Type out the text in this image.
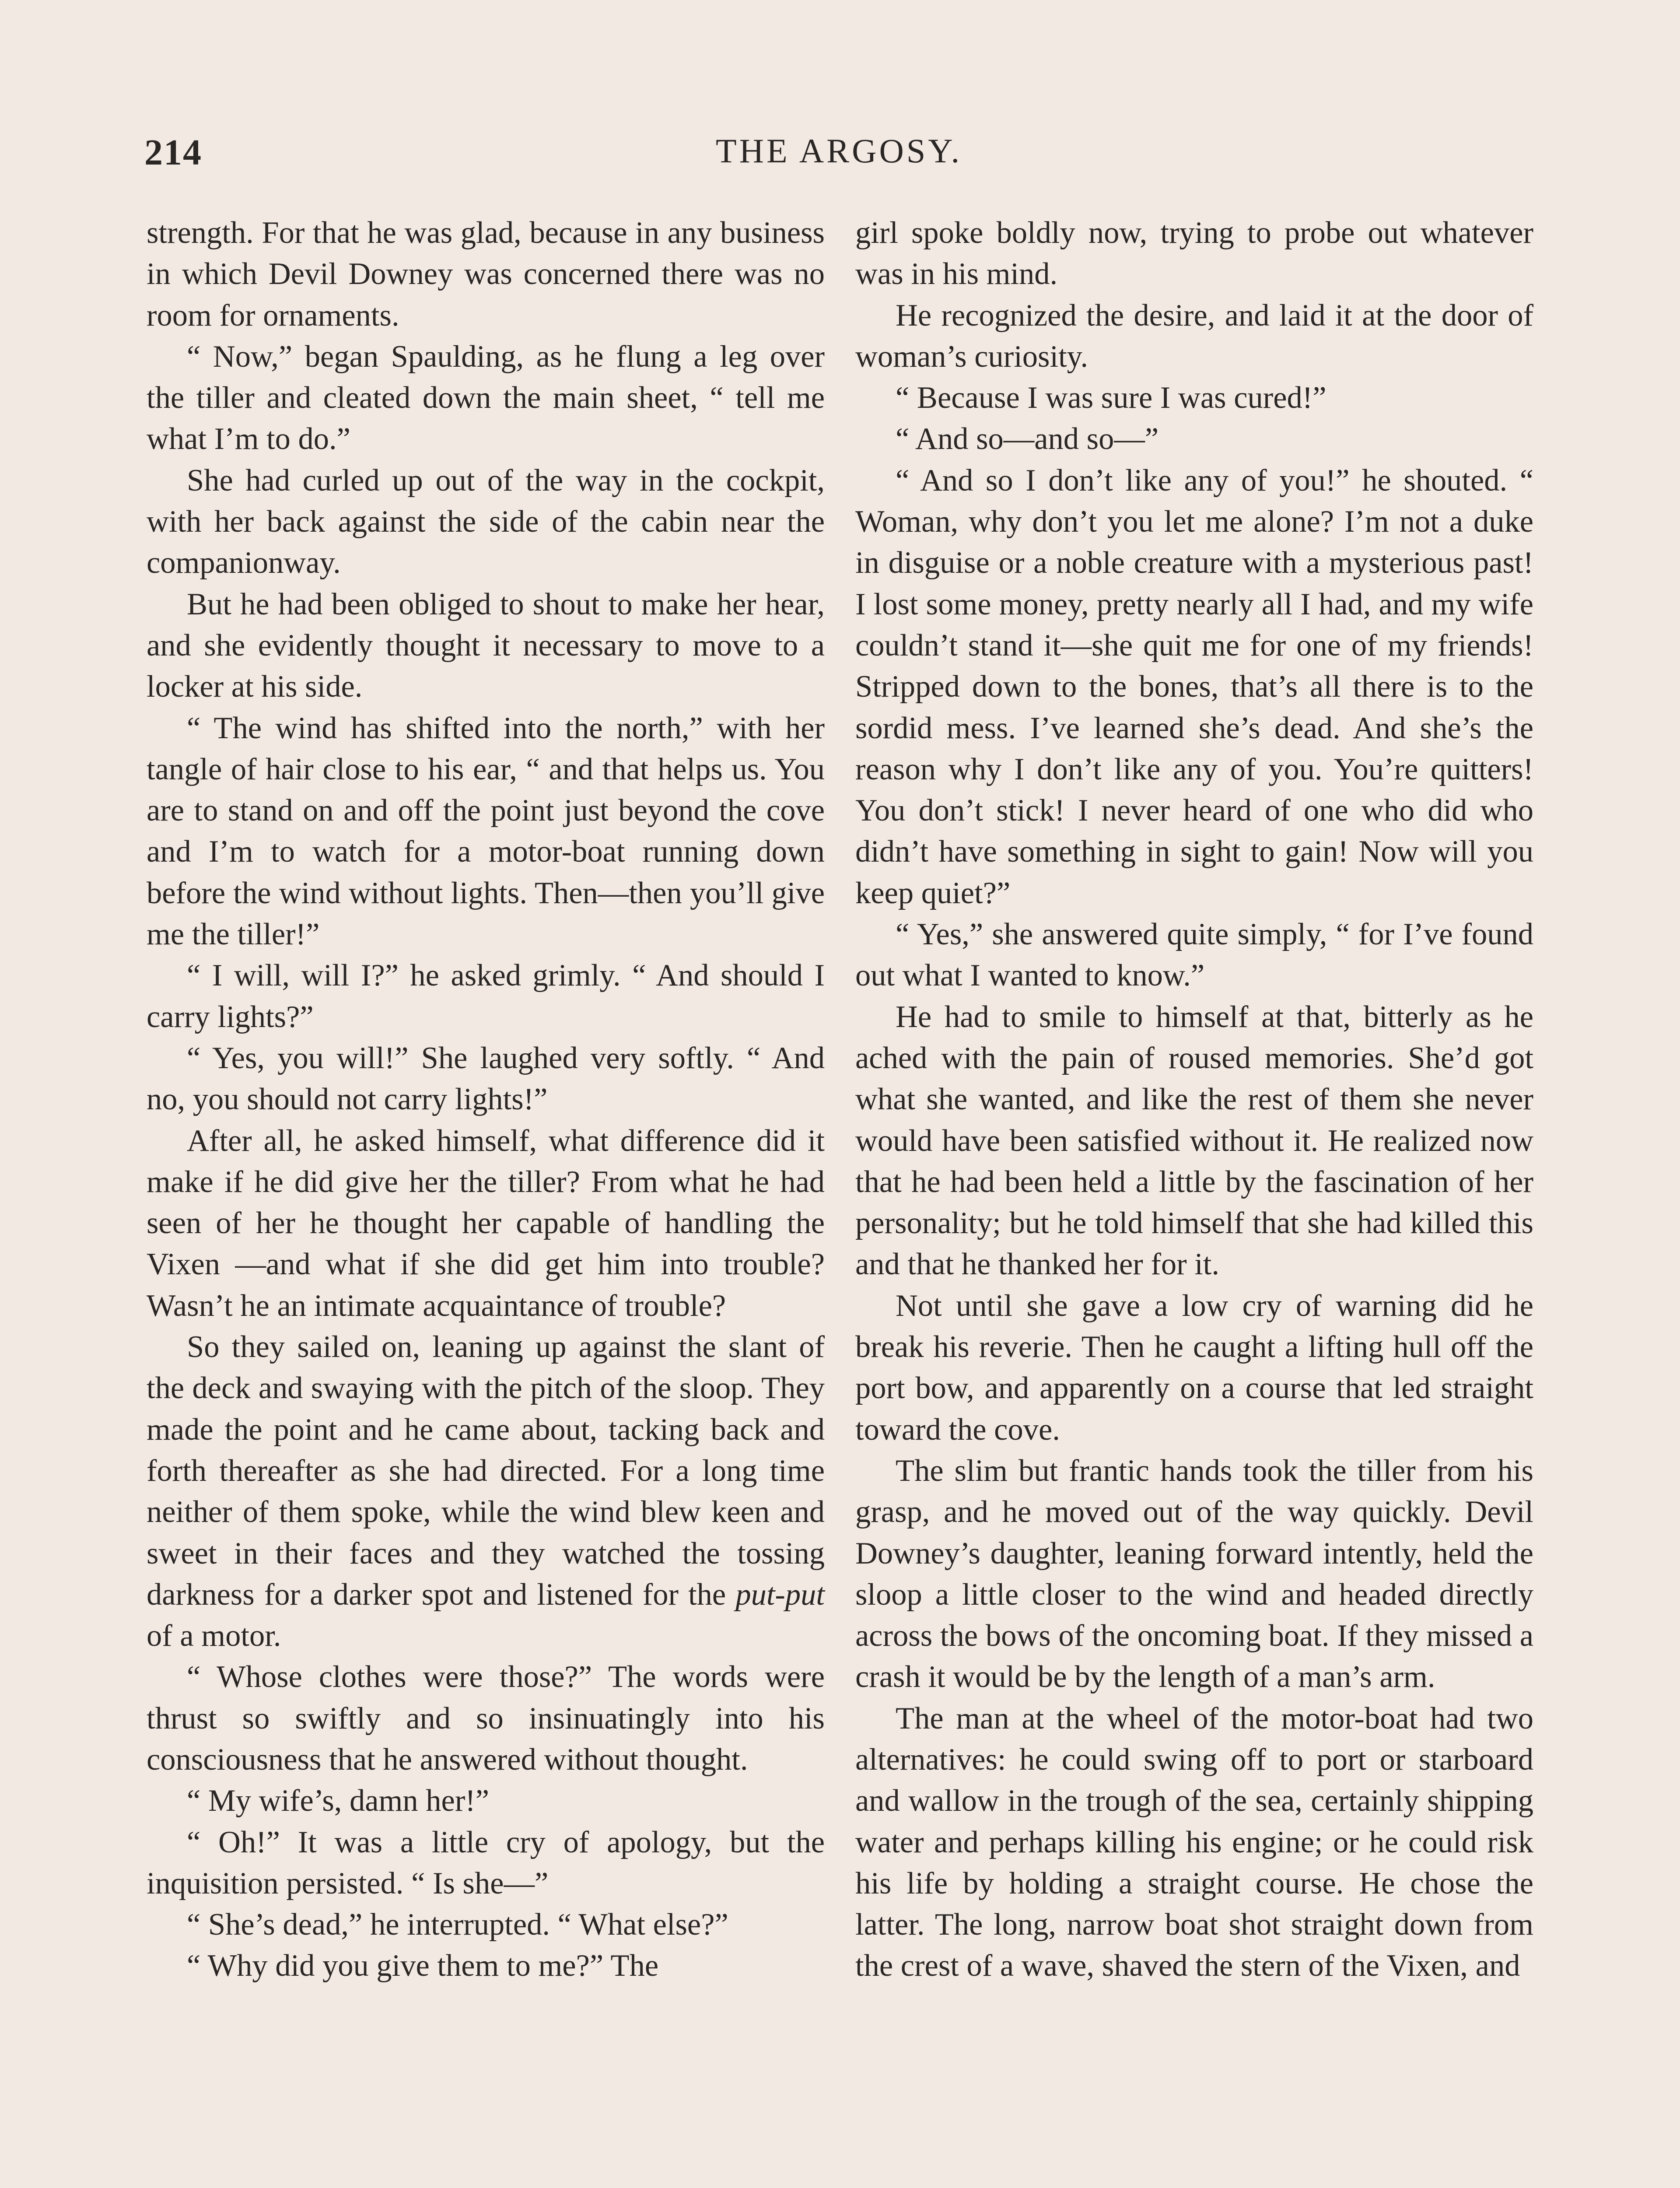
214	THE ARGOSY.

strength. For that he was glad, because in any business in which Devil Downey was concerned there was no room for ornaments.

“ Now,” began Spaulding, as he flung a leg over the tiller and cleated down the main sheet, “ tell me what I’m to do.”

She had curled up out of the way in the cockpit, with her back against the side of the cabin near the companionway.

But he had been obliged to shout to make her hear, and she evidently thought it necessary to move to a locker at his side.

“ The wind has shifted into the north,” with her tangle of hair close to his ear, “ and that helps us. You are to stand on and off the point just beyond the cove and I’m to watch for a motor-boat running down before the wind without lights. Then—then you’ll give me the tiller!”

“ I will, will I?” he asked grimly. “ And should I carry lights?”

“ Yes, you will!” She laughed very softly. “ And no, you should not carry lights!”

After all, he asked himself, what difference did it make if he did give her the tiller? From what he had seen of her he thought her capable of handling the Vixen —and what if she did get him into trouble? Wasn’t he an intimate acquaintance of trouble?

So they sailed on, leaning up against the slant of the deck and swaying with the pitch of the sloop. They made the point and he came about, tacking back and forth thereafter as she had directed. For a long time neither of them spoke, while the wind blew keen and sweet in their faces and they watched the tossing darkness for a darker spot and listened for the put-put of a motor.

“ Whose clothes were those?” The words were thrust so swiftly and so insinuatingly into his consciousness that he answered without thought.

“ My wife’s, damn her!”

“ Oh!” It was a little cry of apology, but the inquisition persisted. “ Is she—”

“ She’s dead,” he interrupted. “ What else?”

“ Why did you give them to me?” The

girl spoke boldly now, trying to probe out whatever was in his mind.

He recognized the desire, and laid it at the door of woman’s curiosity.

“ Because I was sure I was cured!”

“ And so—and so—”

“ And so I don’t like any of you!” he shouted. “ Woman, why don’t you let me alone? I’m not a duke in disguise or a noble creature with a mysterious past! I lost some money, pretty nearly all I had, and my wife couldn’t stand it—she quit me for one of my friends! Stripped down to the bones, that’s all there is to the sordid mess. I’ve learned she’s dead. And she’s the reason why I don’t like any of you. You’re quitters! You don’t stick! I never heard of one who did who didn’t have something in sight to gain! Now will you keep quiet?”

“ Yes,” she answered quite simply, “ for I’ve found out what I wanted to know.”

He had to smile to himself at that, bitterly as he ached with the pain of roused memories. She’d got what she wanted, and like the rest of them she never would have been satisfied without it. He realized now that he had been held a little by the fascination of her personality; but he told himself that she had killed this and that he thanked her for it.

Not until she gave a low cry of warning did he break his reverie. Then he caught a lifting hull off the port bow, and apparently on a course that led straight toward the cove.

The slim but frantic hands took the tiller from his grasp, and he moved out of the way quickly. Devil Downey’s daughter, leaning forward intently, held the sloop a little closer to the wind and headed directly across the bows of the oncoming boat. If they missed a crash it would be by the length of a man’s arm.

The man at the wheel of the motor-boat had two alternatives: he could swing off to port or starboard and wallow in the trough of the sea, certainly shipping water and perhaps killing his engine; or he could risk his life by holding a straight course. He chose the latter. The long, narrow boat shot straight down from the crest of a wave, shaved the stern of the Vixen, and
